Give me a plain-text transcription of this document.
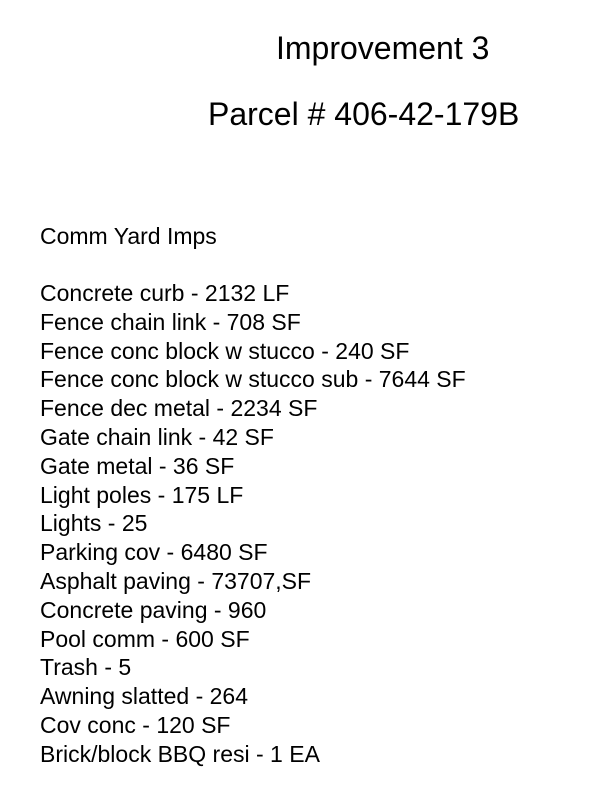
Improvement 3
Parcel # 406-42-179B
Comm Yard Imps
Concrete curb - 2132 LF
Fence chain link - 708 SF
Fence conc block w stucco - 240 SF
Fence conc block w stucco sub - 7644 SF
Fence dec metal - 2234 SF
Gate chain link - 42 SF
Gate metal - 36 SF
Light poles - 175 LF
Lights - 25
Parking cov - 6480 SF
Asphalt paving - 73707,SF
Concrete paving - 960
Pool comm - 600 SF
Trash - 5
Awning slatted - 264
Cov conc - 120 SF
Brick/block BBQ resi - 1 EA
